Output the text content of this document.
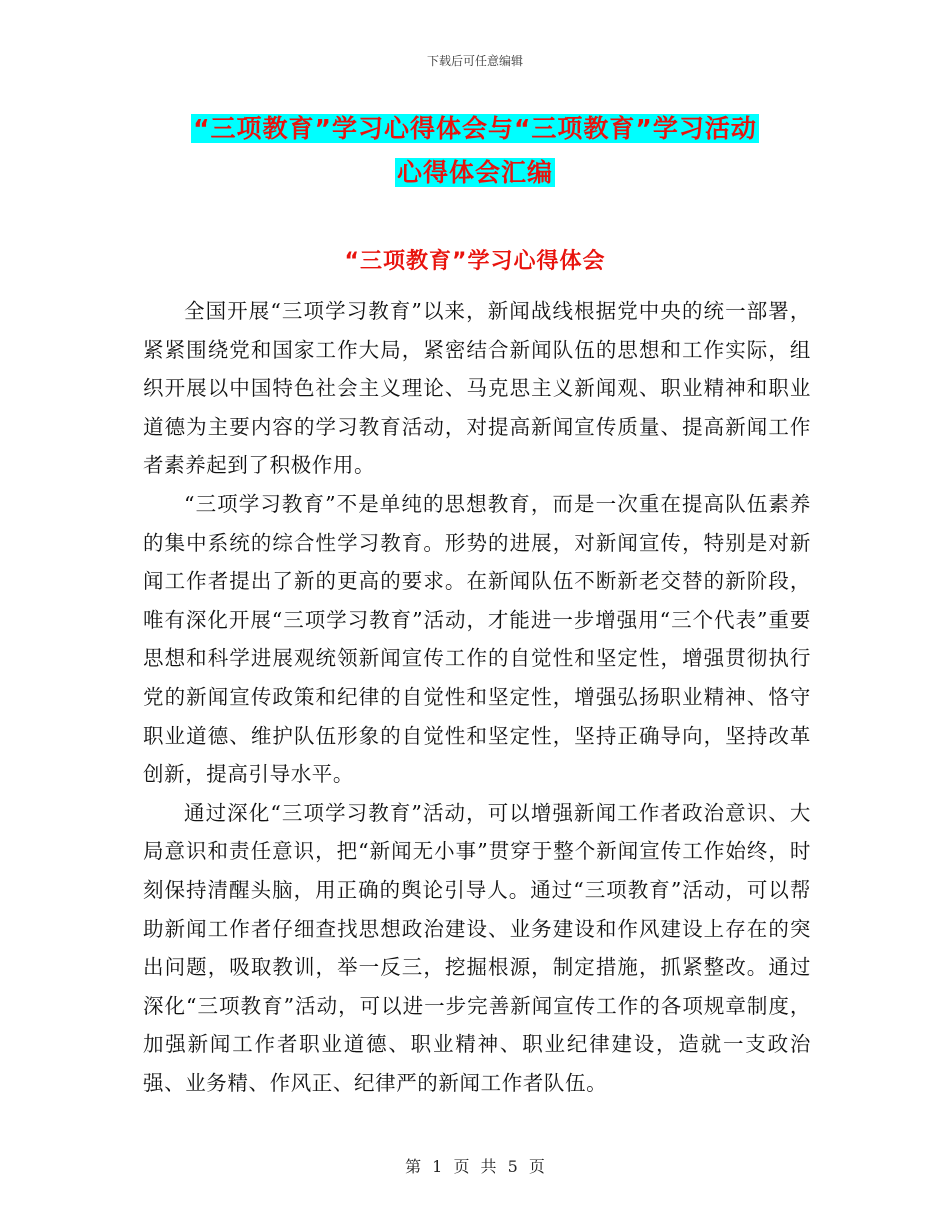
下载后可任意编辑
“三项教育”学习心得体会与“三项教育”学习活动
心得体会汇编
“三项教育”学习心得体会

全国开展“三项学习教育”以来，新闻战线根据党中央的统一部署，紧紧围绕党和国家工作大局，紧密结合新闻队伍的思想和工作实际，组织开展以中国特色社会主义理论、马克思主义新闻观、职业精神和职业道德为主要内容的学习教育活动，对提高新闻宣传质量、提高新闻工作者素养起到了积极作用。

“三项学习教育”不是单纯的思想教育，而是一次重在提高队伍素养的集中系统的综合性学习教育。形势的进展，对新闻宣传，特别是对新闻工作者提出了新的更高的要求。在新闻队伍不断新老交替的新阶段，唯有深化开展“三项学习教育”活动，才能进一步增强用“三个代表”重要思想和科学进展观统领新闻宣传工作的自觉性和坚定性，增强贯彻执行党的新闻宣传政策和纪律的自觉性和坚定性，增强弘扬职业精神、恪守职业道德、维护队伍形象的自觉性和坚定性，坚持正确导向，坚持改革创新，提高引导水平。

通过深化“三项学习教育”活动，可以增强新闻工作者政治意识、大局意识和责任意识，把“新闻无小事”贯穿于整个新闻宣传工作始终，时刻保持清醒头脑，用正确的舆论引导人。通过“三项教育”活动，可以帮助新闻工作者仔细查找思想政治建设、业务建设和作风建设上存在的突出问题，吸取教训，举一反三，挖掘根源，制定措施，抓紧整改。通过深化“三项教育”活动，可以进一步完善新闻宣传工作的各项规章制度，加强新闻工作者职业道德、职业精神、职业纪律建设，造就一支政治强、业务精、作风正、纪律严的新闻工作者队伍。

第 1 页 共 5 页
